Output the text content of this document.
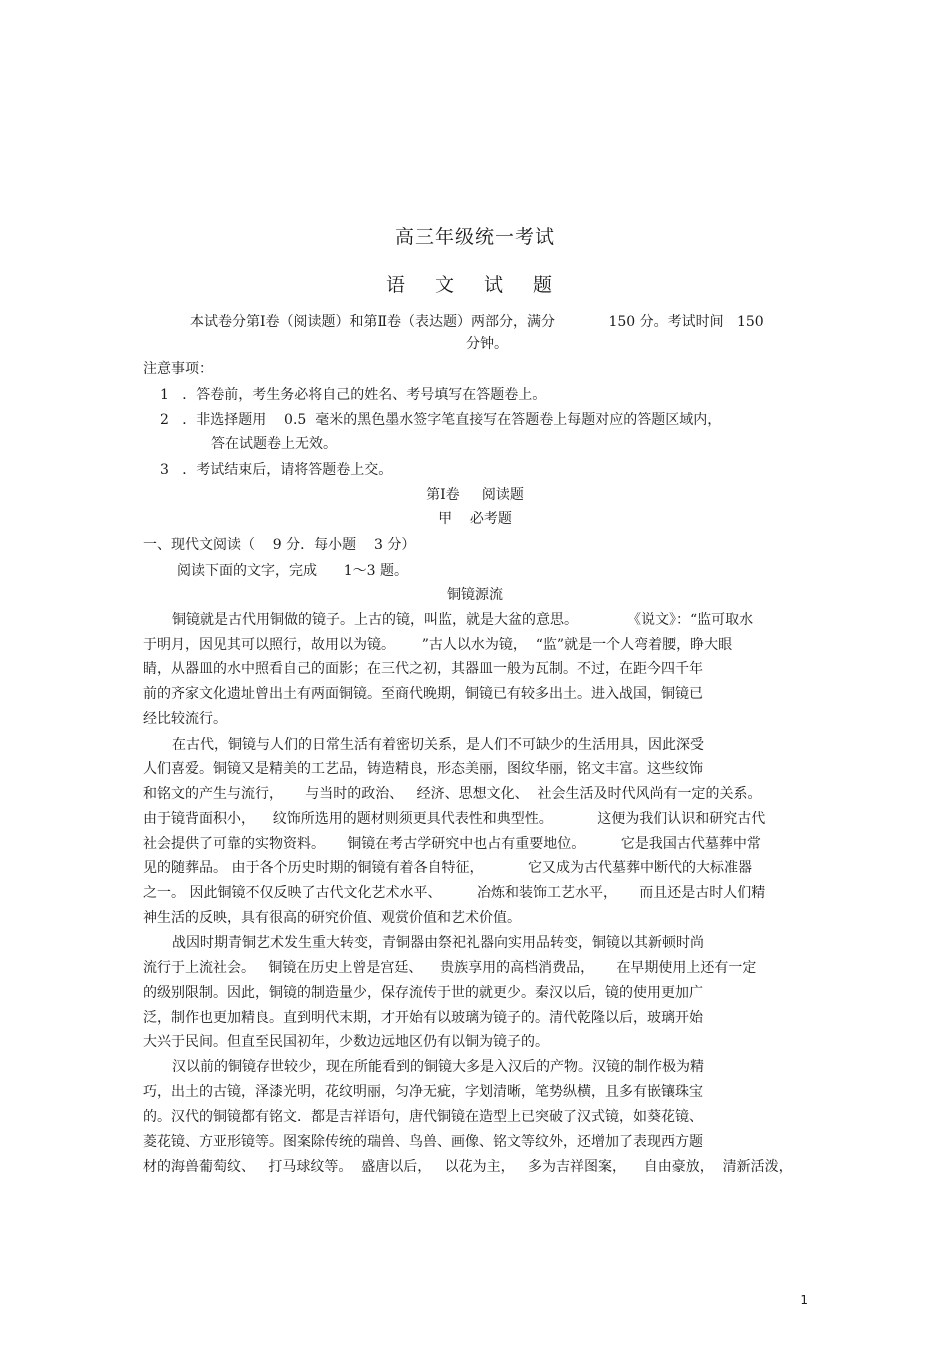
高三年级统一考试
语 文 试 题
本试卷分第Ⅰ卷（阅读题）和第Ⅱ卷（表达题）两部分，满分            150 分。考试时间   150
分钟。
注意事项：
1   ．答卷前，考生务必将自己的姓名、考号填写在答题卷上。
2   ．非选择题用    0.5  毫米的黑色墨水签字笔直接写在答题卷上每题对应的答题区域内，
答在试题卷上无效。
3   ．考试结束后，请将答题卷上交。
第Ⅰ卷     阅读题
甲    必考题
一、现代文阅读（    9 分．每小题    3 分）
阅读下面的文字，完成      1～3 题。
铜镜源流
铜镜就是古代用铜做的镜子。上古的镜，叫监，就是大盆的意思。           《说文》：“监可取水
于明月，因见其可以照行，故用以为镜。      ”古人以水为镜，  “监”就是一个人弯着腰，睁大眼
睛，从器皿的水中照看自己的面影；在三代之初，其器皿一般为瓦制。不过，在距今四千年
前的齐家文化遗址曾出土有两面铜镜。至商代晚期，铜镜已有较多出土。进入战国，铜镜已
经比较流行。
在古代，铜镜与人们的日常生活有着密切关系，是人们不可缺少的生活用具，因此深受
人们喜爱。铜镜又是精美的工艺品，铸造精良，形态美丽，图纹华丽，铭文丰富。这些纹饰
和铭文的产生与流行，     与当时的政治、   经济、思想文化、  社会生活及时代风尚有一定的关系。
由于镜背面积小，    纹饰所选用的题材则须更具代表性和典型性。          这便为我们认识和研究古代
社会提供了可靠的实物资料。     铜镜在考古学研究中也占有重要地位。        它是我国古代墓葬中常
见的随葬品。 由于各个历史时期的铜镜有着各自特征，          它又成为古代墓葬中断代的大标准器
之一。 因此铜镜不仅反映了古代文化艺术水平、        冶炼和装饰工艺水平，     而且还是古时人们精
神生活的反映，具有很高的研究价值、观赏价值和艺术价值。
战因时期青铜艺术发生重大转变，青铜器由祭祀礼器向实用品转变，铜镜以其新顿时尚
流行于上流社会。   铜镜在历史上曾是宫廷、    贵族享用的高档消费品，     在早期使用上还有一定
的级别限制。因此，铜镜的制造量少，保存流传于世的就更少。秦汉以后，镜的使用更加广
泛，制作也更加精良。直到明代末期，才开始有以玻璃为镜子的。清代乾隆以后，玻璃开始
大兴于民间。但直至民国初年，少数边远地区仍有以铜为镜子的。
汉以前的铜镜存世较少，现在所能看到的铜镜大多是入汉后的产物。汉镜的制作极为精
巧，出土的古镜，泽漆光明，花纹明丽，匀净无疵，字划清晰，笔势纵横，且多有嵌镶珠宝
的。汉代的铜镜都有铭文．都是吉祥语句，唐代铜镜在造型上已突破了汉式镜，如葵花镜、
菱花镜、方亚形镜等。图案除传统的瑞兽、鸟兽、画像、铭文等纹外，还增加了表现西方题
材的海兽葡萄纹、   打马球纹等。  盛唐以后，   以花为主，   多为吉祥图案，    自由豪放，  清新活泼，
1
